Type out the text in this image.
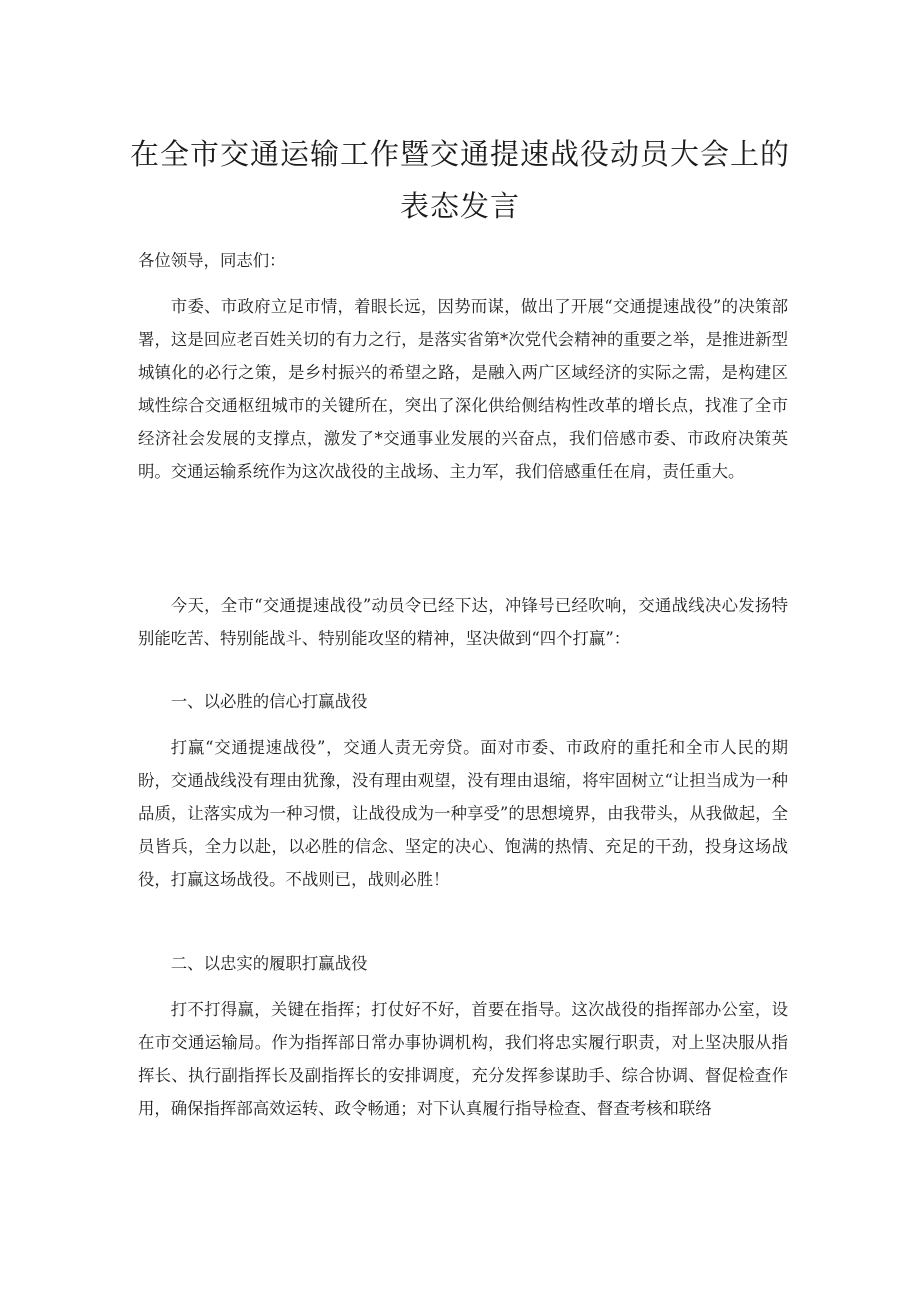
在全市交通运输工作暨交通提速战役动员大会上的表态发言
各位领导，同志们：
市委、市政府立足市情，着眼长远，因势而谋，做出了开展“交通提速战役”的决策部署，这是回应老百姓关切的有力之行，是落实省第*次党代会精神的重要之举，是推进新型城镇化的必行之策，是乡村振兴的希望之路，是融入两广区域经济的实际之需，是构建区域性综合交通枢纽城市的关键所在，突出了深化供给侧结构性改革的增长点，找准了全市经济社会发展的支撑点，激发了*交通事业发展的兴奋点，我们倍感市委、市政府决策英明。交通运输系统作为这次战役的主战场、主力军，我们倍感重任在肩，责任重大。
今天，全市“交通提速战役”动员令已经下达，冲锋号已经吹响，交通战线决心发扬特别能吃苦、特别能战斗、特别能攻坚的精神，坚决做到“四个打赢”：
一、以必胜的信心打赢战役
打赢“交通提速战役”，交通人责无旁贷。面对市委、市政府的重托和全市人民的期盼，交通战线没有理由犹豫，没有理由观望，没有理由退缩，将牢固树立“让担当成为一种品质，让落实成为一种习惯，让战役成为一种享受”的思想境界，由我带头，从我做起，全员皆兵，全力以赴，以必胜的信念、坚定的决心、饱满的热情、充足的干劲，投身这场战役，打赢这场战役。不战则已，战则必胜！
二、以忠实的履职打赢战役
打不打得赢，关键在指挥；打仗好不好，首要在指导。这次战役的指挥部办公室，设在市交通运输局。作为指挥部日常办事协调机构，我们将忠实履行职责，对上坚决服从指挥长、执行副指挥长及副指挥长的安排调度，充分发挥参谋助手、综合协调、督促检查作用，确保指挥部高效运转、政令畅通；对下认真履行指导检查、督查考核和联络
